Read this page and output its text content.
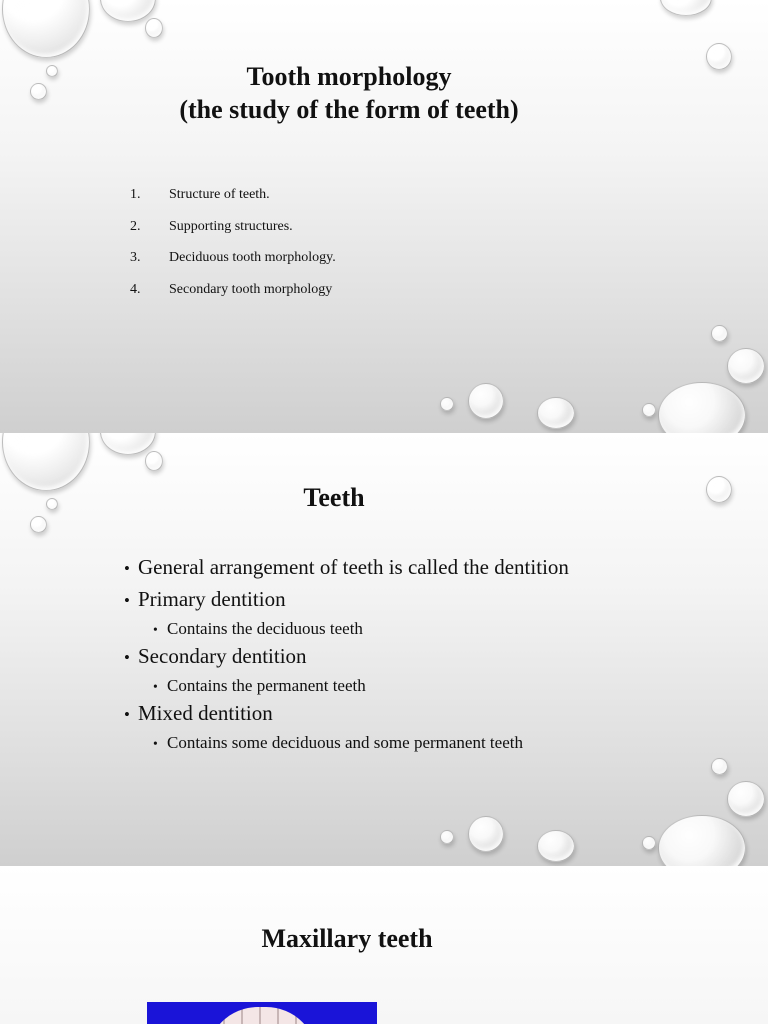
Tooth morphology
(the study of the form of teeth)
1.	Structure of teeth.
2.	Supporting structures.
3.	Deciduous tooth morphology.
4.	Secondary tooth morphology
Teeth
• General arrangement of teeth is called the dentition
• Primary dentition
• Contains the deciduous teeth
• Secondary dentition
• Contains the permanent teeth
• Mixed dentition
• Contains some deciduous and some permanent teeth
Maxillary teeth
